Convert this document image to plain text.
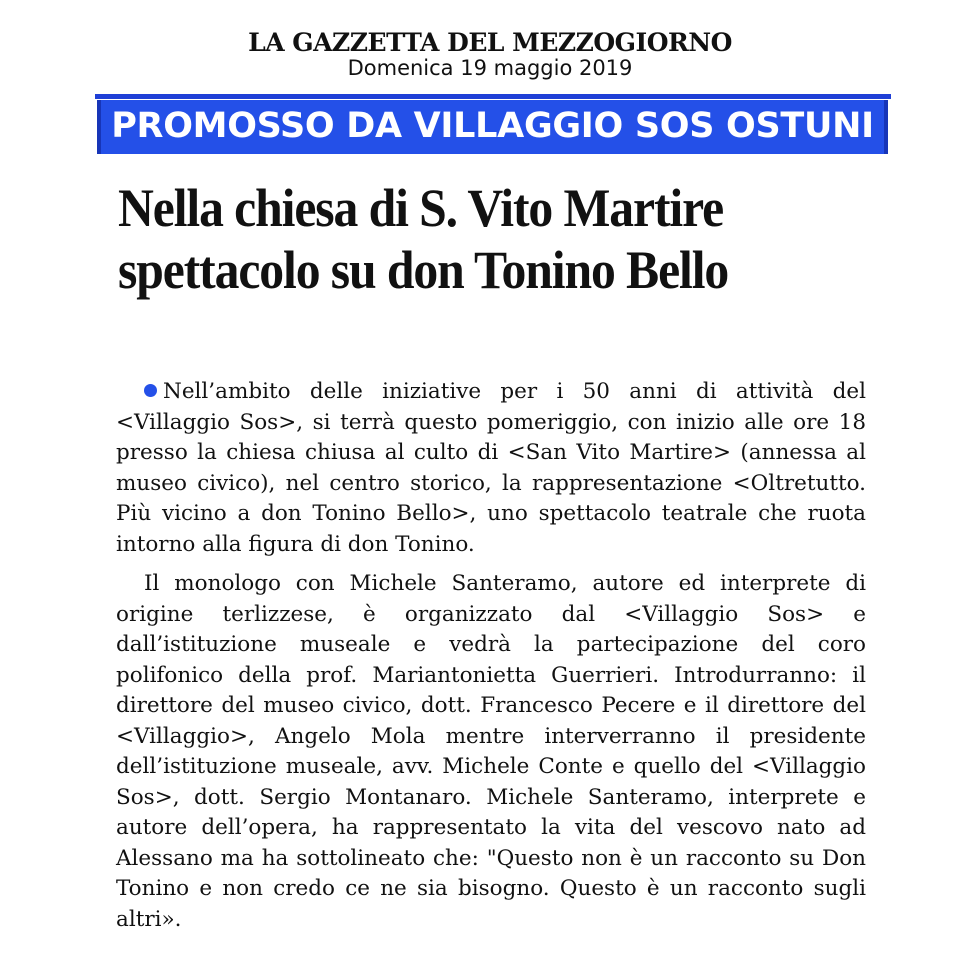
LA GAZZETTA DEL MEZZOGIORNO
Domenica 19 maggio 2019
PROMOSSO DA VILLAGGIO SOS OSTUNI
Nella chiesa di S. Vito Martire
spettacolo su don Tonino Bello

Nell’ambito delle iniziative per i 50 anni di attività del <Villaggio Sos>, si terrà questo pomeriggio, con inizio alle ore 18 presso la chiesa chiusa al culto di <San Vito Martire> (annessa al museo civico), nel centro storico, la rappresentazione <Oltretutto. Più vicino a don Tonino Bello>, uno spettacolo teatrale che ruota intorno alla figura di don Tonino.

Il monologo con Michele Santeramo, autore ed interprete di origine terlizzese, è organizzato dal <Villaggio Sos> e dall’istituzione museale e vedrà la partecipazione del coro polifonico della prof. Mariantonietta Guerrieri. Introdurranno: il direttore del museo civico, dott. Francesco Pecere e il direttore del <Villaggio>, Angelo Mola mentre interverranno il presidente dell’istituzione museale, avv. Michele Conte e quello del <Villaggio Sos>, dott. Sergio Montanaro. Michele Santeramo, interprete e autore dell’opera, ha rappresentato la vita del vescovo nato ad Alessano ma ha sottolineato che: "Questo non è un racconto su Don Tonino e non credo ce ne sia bisogno. Questo è un racconto sugli altri».
